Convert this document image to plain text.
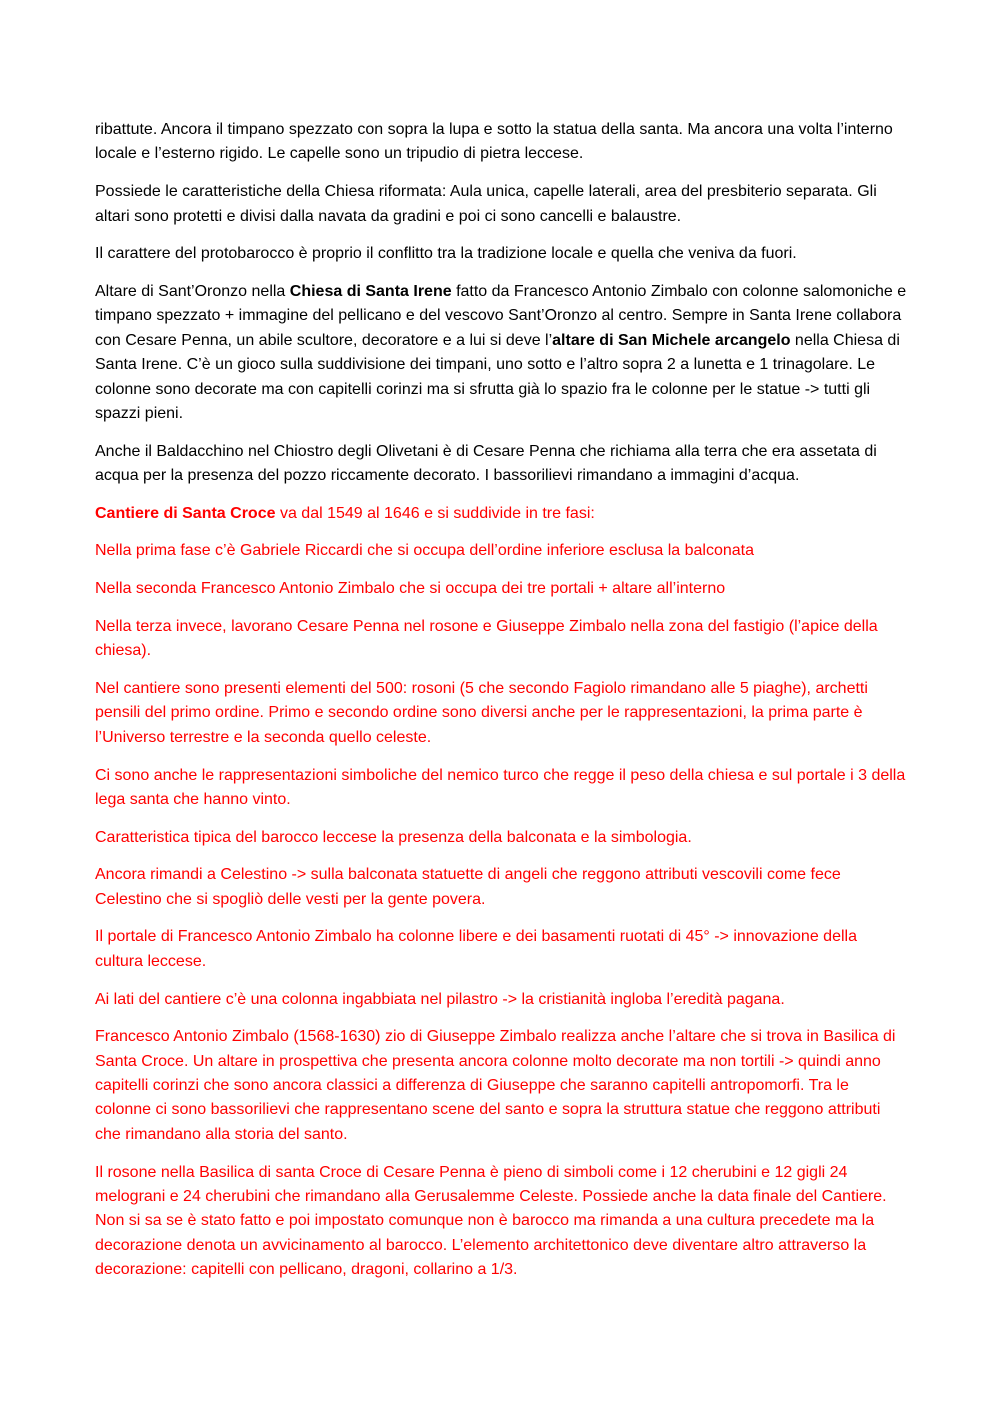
ribattute. Ancora il timpano spezzato con sopra la lupa e sotto la statua della santa. Ma ancora una volta l’interno locale e l’esterno rigido. Le capelle sono un tripudio di pietra leccese.

Possiede le caratteristiche della Chiesa riformata: Aula unica, capelle laterali, area del presbiterio separata. Gli altari sono protetti e divisi dalla navata da gradini e poi ci sono cancelli e balaustre.

Il carattere del protobarocco è proprio il conflitto tra la tradizione locale e quella che veniva da fuori.

Altare di Sant’Oronzo nella Chiesa di Santa Irene fatto da Francesco Antonio Zimbalo con colonne salomoniche e timpano spezzato + immagine del pellicano e del vescovo Sant’Oronzo al centro. Sempre in Santa Irene collabora con Cesare Penna, un abile scultore, decoratore e a lui si deve l’altare di San Michele arcangelo nella Chiesa di Santa Irene. C’è un gioco sulla suddivisione dei timpani, uno sotto e l’altro sopra 2 a lunetta e 1 trinagolare. Le colonne sono decorate ma con capitelli corinzi ma si sfrutta già lo spazio fra le colonne per le statue -> tutti gli spazzi pieni.

Anche il Baldacchino nel Chiostro degli Olivetani è di Cesare Penna che richiama alla terra che era assetata di acqua per la presenza del pozzo riccamente decorato. I bassorilievi rimandano a immagini d’acqua.

Cantiere di Santa Croce va dal 1549 al 1646 e si suddivide in tre fasi:

Nella prima fase c’è Gabriele Riccardi che si occupa dell’ordine inferiore esclusa la balconata

Nella seconda Francesco Antonio Zimbalo che si occupa dei tre portali + altare all’interno

Nella terza invece, lavorano Cesare Penna nel rosone e Giuseppe Zimbalo nella zona del fastigio (l’apice della chiesa).

Nel cantiere sono presenti elementi del 500: rosoni (5 che secondo Fagiolo rimandano alle 5 piaghe), archetti pensili del primo ordine. Primo e secondo ordine sono diversi anche per le rappresentazioni, la prima parte è l’Universo terrestre e la seconda quello celeste.

Ci sono anche le rappresentazioni simboliche del nemico turco che regge il peso della chiesa e sul portale i 3 della lega santa che hanno vinto.

Caratteristica tipica del barocco leccese la presenza della balconata e la simbologia.

Ancora rimandi a Celestino -> sulla balconata statuette di angeli che reggono attributi vescovili come fece Celestino che si spogliò delle vesti per la gente povera.

Il portale di Francesco Antonio Zimbalo ha colonne libere e dei basamenti ruotati di 45° -> innovazione della cultura leccese.

Ai lati del cantiere c’è una colonna ingabbiata nel pilastro -> la cristianità ingloba l’eredità pagana.

Francesco Antonio Zimbalo (1568-1630) zio di Giuseppe Zimbalo realizza anche l’altare che si trova in Basilica di Santa Croce. Un altare in prospettiva che presenta ancora colonne molto decorate ma non tortili -> quindi anno capitelli corinzi che sono ancora classici a differenza di Giuseppe che saranno capitelli antropomorfi. Tra le colonne ci sono bassorilievi che rappresentano scene del santo e sopra la struttura statue che reggono attributi che rimandano alla storia del santo.

Il rosone nella Basilica di santa Croce di Cesare Penna è pieno di simboli come i 12 cherubini e 12 gigli 24 melograni e 24 cherubini che rimandano alla Gerusalemme Celeste. Possiede anche la data finale del Cantiere. Non si sa se è stato fatto e poi impostato comunque non è barocco ma rimanda a una cultura precedete ma la decorazione denota un avvicinamento al barocco. L’elemento architettonico deve diventare altro attraverso la decorazione: capitelli con pellicano, dragoni, collarino a 1/3.
